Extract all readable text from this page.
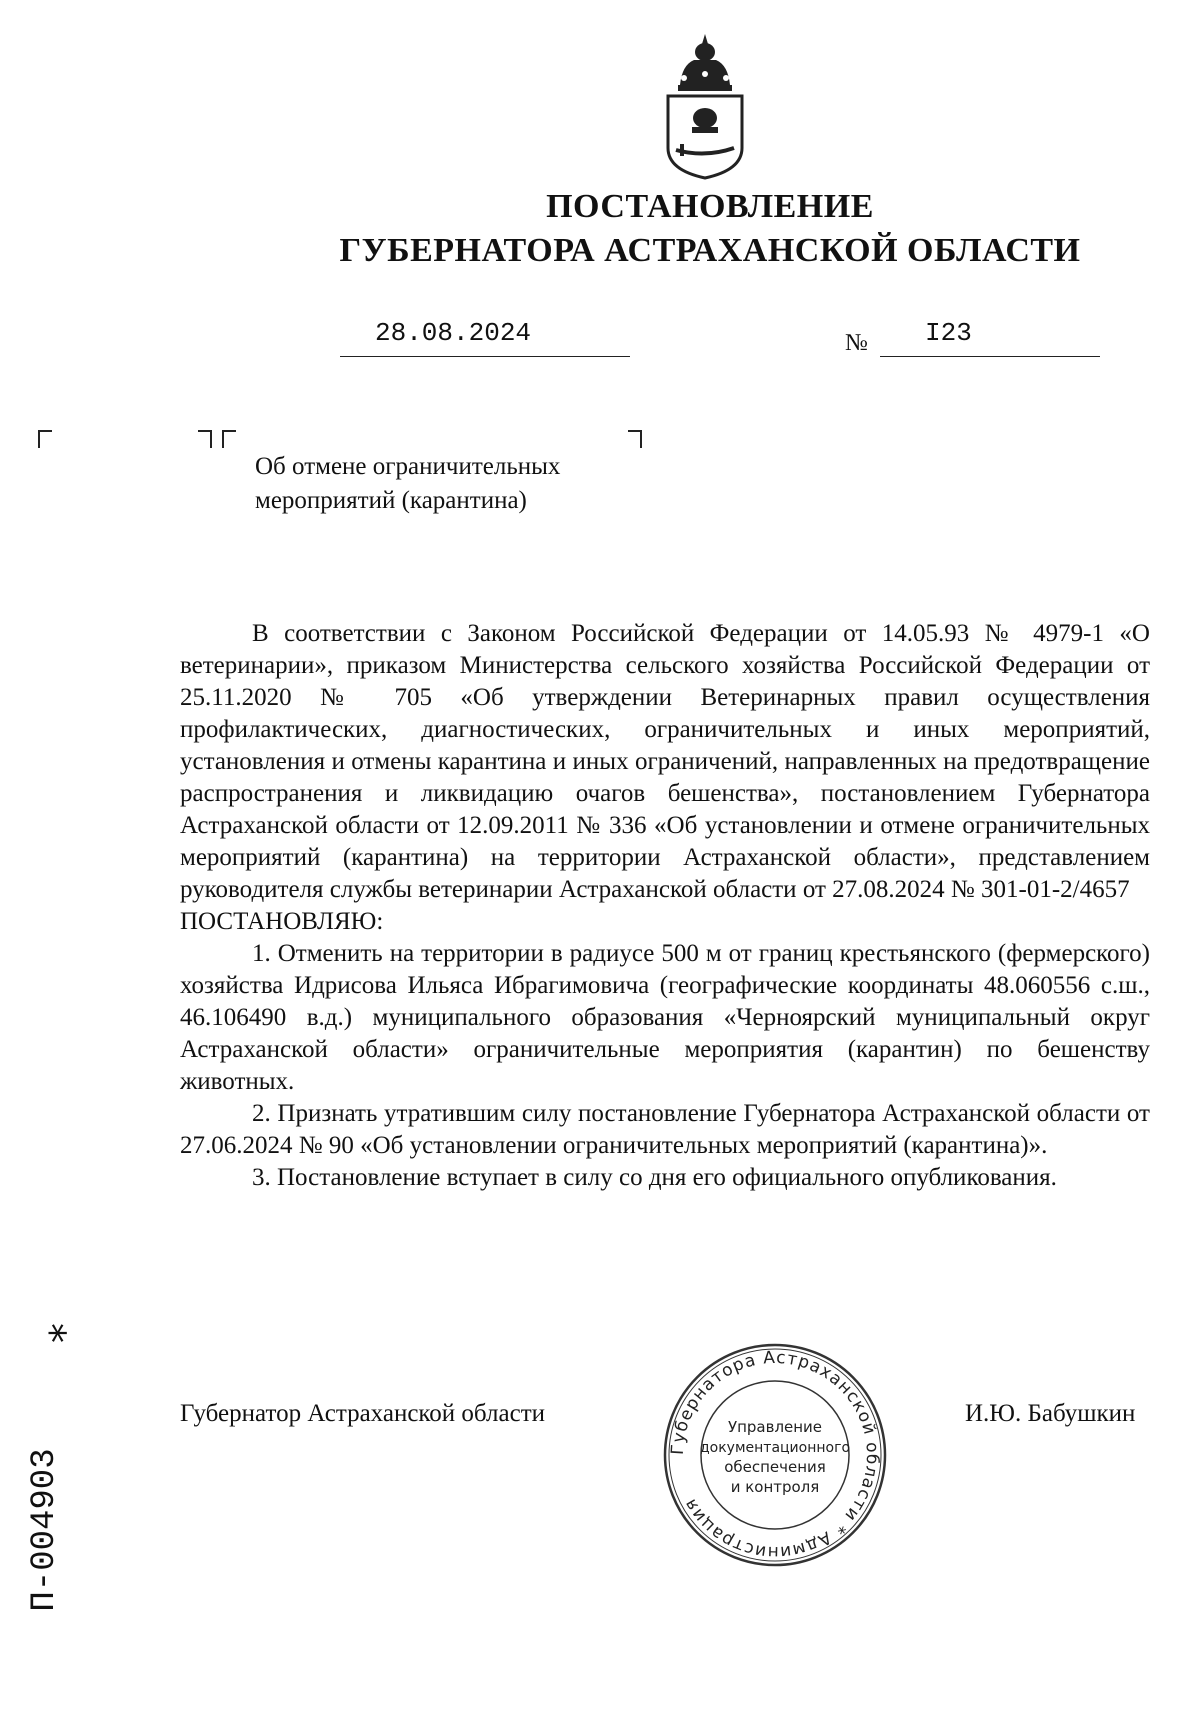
ПОСТАНОВЛЕНИЕ
ГУБЕРНАТОРА АСТРАХАНСКОЙ ОБЛАСТИ
28.08.2024	№ I23
Об отмене ограничительных
мероприятий (карантина)

В соответствии с Законом Российской Федерации от 14.05.93 № 4979-1 «О ветеринарии», приказом Министерства сельского хозяйства Российской Федерации от 25.11.2020 № 705 «Об утверждении Ветеринарных правил осуществления профилактических, диагностических, ограничительных и иных мероприятий, установления и отмены карантина и иных ограничений, направленных на предотвращение распространения и ликвидацию очагов бешенства», постановлением Губернатора Астраханской области от 12.09.2011 № 336 «Об установлении и отмене ограничительных мероприятий (карантина) на территории Астраханской области», представлением руководителя службы ветеринарии Астраханской области от 27.08.2024 № 301-01-2/4657

ПОСТАНОВЛЯЮ:

1. Отменить на территории в радиусе 500 м от границ крестьянского (фермерского) хозяйства Идрисова Ильяса Ибрагимовича (географические координаты 48.060556 с.ш., 46.106490 в.д.) муниципального образования «Черноярский муниципальный округ Астраханской области» ограничительные мероприятия (карантин) по бешенству животных.

2. Признать утратившим силу постановление Губернатора Астраханской области от 27.06.2024 № 90 «Об установлении ограничительных мероприятий (карантина)».

3. Постановление вступает в силу со дня его официального опубликования.

Губернатор Астраханской области	И.Ю. Бабушкин
Губернатора Астраханской области * Администрация
Управление
документационного
обеспечения
и контроля
*
П-004903
